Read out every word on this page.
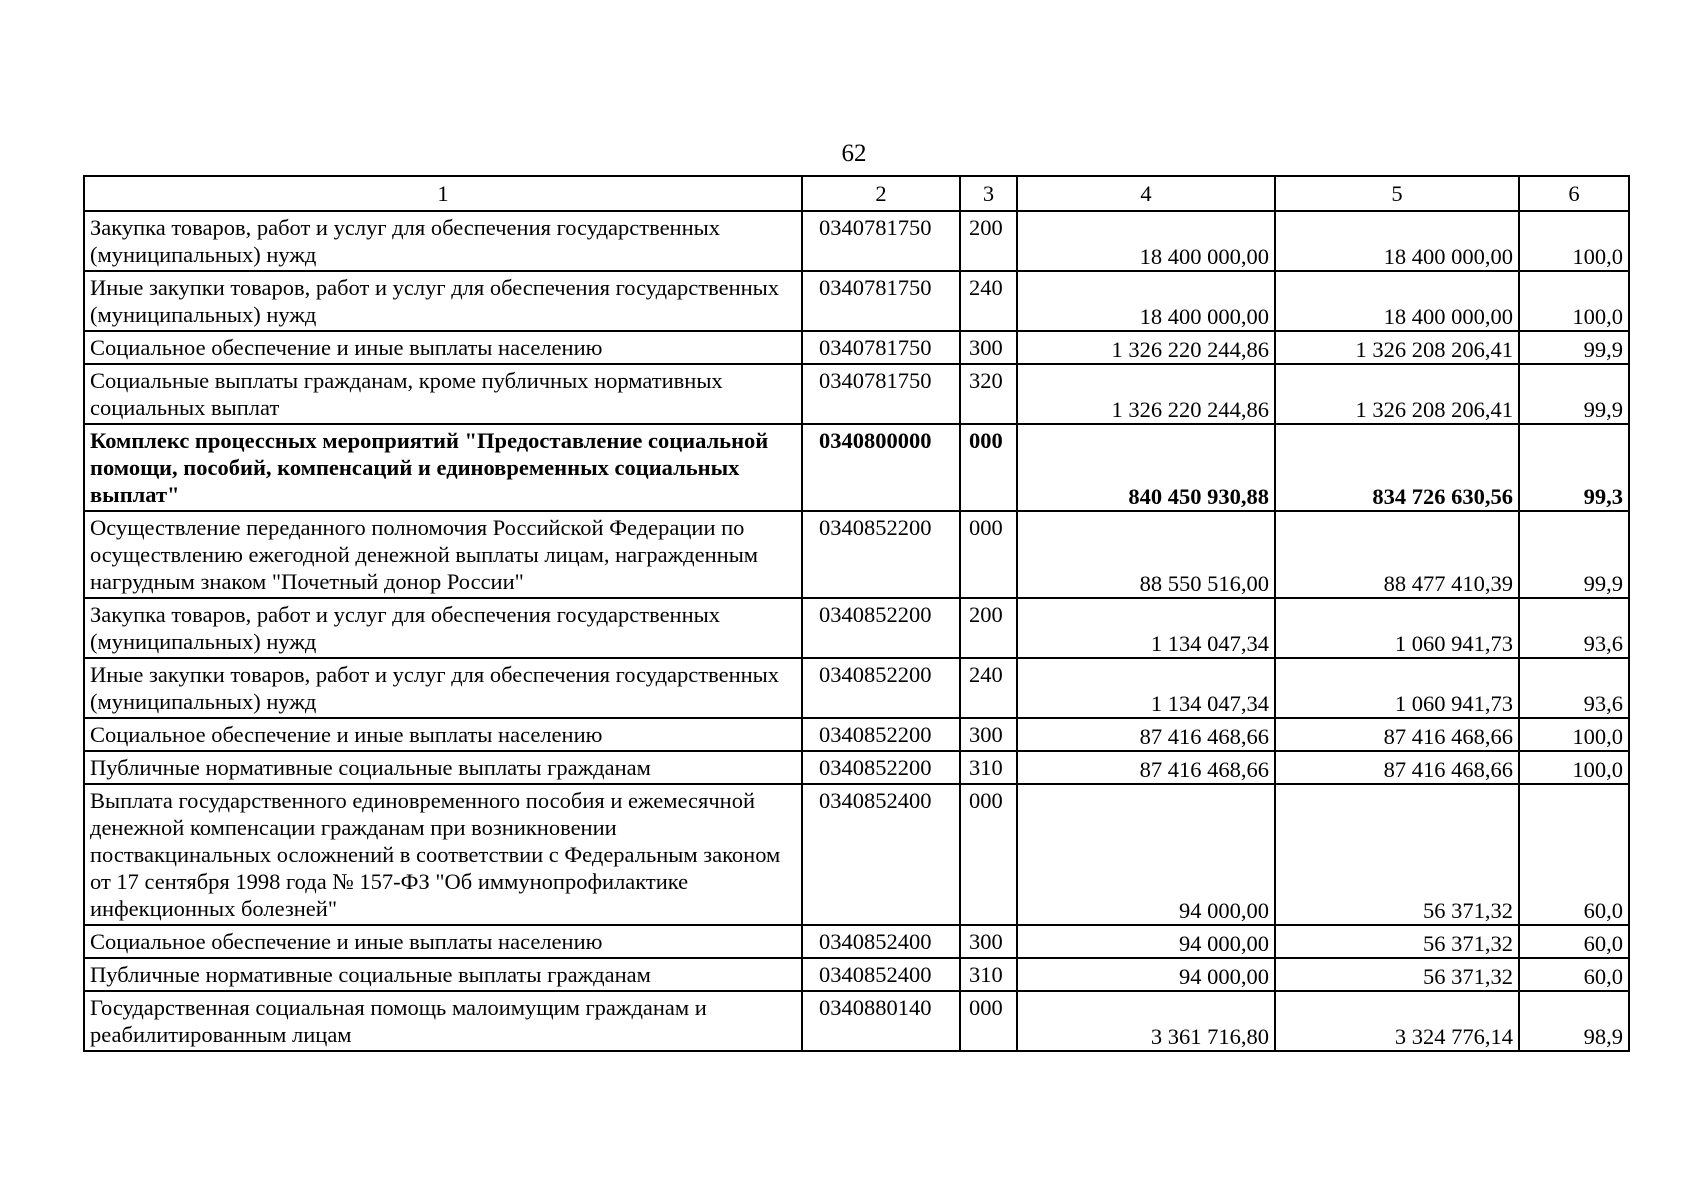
62
1	2	3	4	5	6
Закупка товаров, работ и услуг для обеспечения государственных (муниципальных) нужд	0340781750	200	18 400 000,00	18 400 000,00	100,0
Иные закупки товаров, работ и услуг для обеспечения государственных (муниципальных) нужд	0340781750	240	18 400 000,00	18 400 000,00	100,0
Социальное обеспечение и иные выплаты населению	0340781750	300	1 326 220 244,86	1 326 208 206,41	99,9
Социальные выплаты гражданам, кроме публичных нормативных социальных выплат	0340781750	320	1 326 220 244,86	1 326 208 206,41	99,9
Комплекс процессных мероприятий "Предоставление социальной помощи, пособий, компенсаций и единовременных социальных выплат"	0340800000	000	840 450 930,88	834 726 630,56	99,3
Осуществление переданного полномочия Российской Федерации по осуществлению ежегодной денежной выплаты лицам, награжденным нагрудным знаком "Почетный донор России"	0340852200	000	88 550 516,00	88 477 410,39	99,9
Закупка товаров, работ и услуг для обеспечения государственных (муниципальных) нужд	0340852200	200	1 134 047,34	1 060 941,73	93,6
Иные закупки товаров, работ и услуг для обеспечения государственных (муниципальных) нужд	0340852200	240	1 134 047,34	1 060 941,73	93,6
Социальное обеспечение и иные выплаты населению	0340852200	300	87 416 468,66	87 416 468,66	100,0
Публичные нормативные социальные выплаты гражданам	0340852200	310	87 416 468,66	87 416 468,66	100,0
Выплата государственного единовременного пособия и ежемесячной денежной компенсации гражданам при возникновении поствакцинальных осложнений в соответствии с Федеральным законом от 17 сентября 1998 года № 157-ФЗ "Об иммунопрофилактике инфекционных болезней"	0340852400	000	94 000,00	56 371,32	60,0
Социальное обеспечение и иные выплаты населению	0340852400	300	94 000,00	56 371,32	60,0
Публичные нормативные социальные выплаты гражданам	0340852400	310	94 000,00	56 371,32	60,0
Государственная социальная помощь малоимущим гражданам и реабилитированным лицам	0340880140	000	3 361 716,80	3 324 776,14	98,9
